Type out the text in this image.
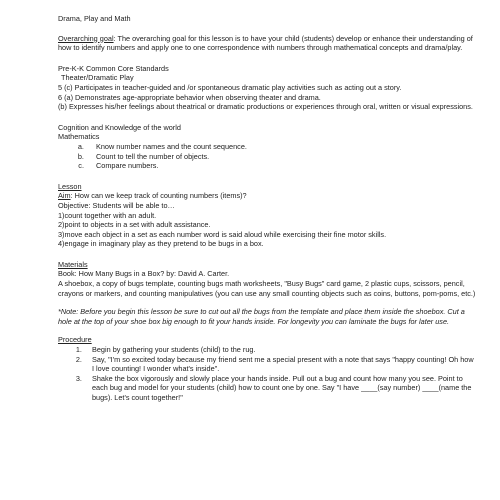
Drama, Play and Math

Overarching goal: The overarching goal for this lesson is to have your child (students) develop or enhance their understanding of how to identify numbers and apply one to one correspondence with numbers through mathematical concepts and drama/play.

Pre-K-K Common Core Standards

Theater/Dramatic Play

5 (c) Participates in teacher-guided and /or spontaneous dramatic play activities such as acting out a story.

6 (a) Demonstrates age-appropriate behavior when observing theater and drama.

(b) Expresses his/her feelings about theatrical or dramatic productions or experiences through oral, written or visual expressions.

Cognition and Knowledge of the world

Mathematics

a. Know number names and the count sequence.
b. Count to tell the number of objects.
c. Compare numbers.

Lesson

Aim: How can we keep track of counting numbers (items)?

Objective: Students will be able to…

1)count together with an adult.

2)point to objects in a set with adult assistance.

3)move each object in a set as each number word is said aloud while exercising their fine motor skills.

4)engage in imaginary play as they pretend to be bugs in a box.

Materials

Book: How Many Bugs in a Box? by: David A. Carter.

A shoebox, a copy of bugs template, counting bugs math worksheets, "Busy Bugs" card game, 2 plastic cups, scissors, pencil, crayons or markers, and counting manipulatives (you can use any small counting objects such as coins, buttons, pom-poms, etc.)

*Note: Before you begin this lesson be sure to cut out all the bugs from the template and place them inside the shoebox. Cut a hole at the top of your shoe box big enough to fit your hands inside. For longevity you can laminate the bugs for later use.

Procedure

1. Begin by gathering your students (child) to the rug.
2. Say, "I'm so excited today because my friend sent me a special present with a note that says "happy counting! Oh how I love counting! I wonder what's inside".
3. Shake the box vigorously and slowly place your hands inside. Pull out a bug and count how many you see. Point to each bug and model for your students (child) how to count one by one. Say "I have ____(say number) ____(name the bugs). Let's count together!"
